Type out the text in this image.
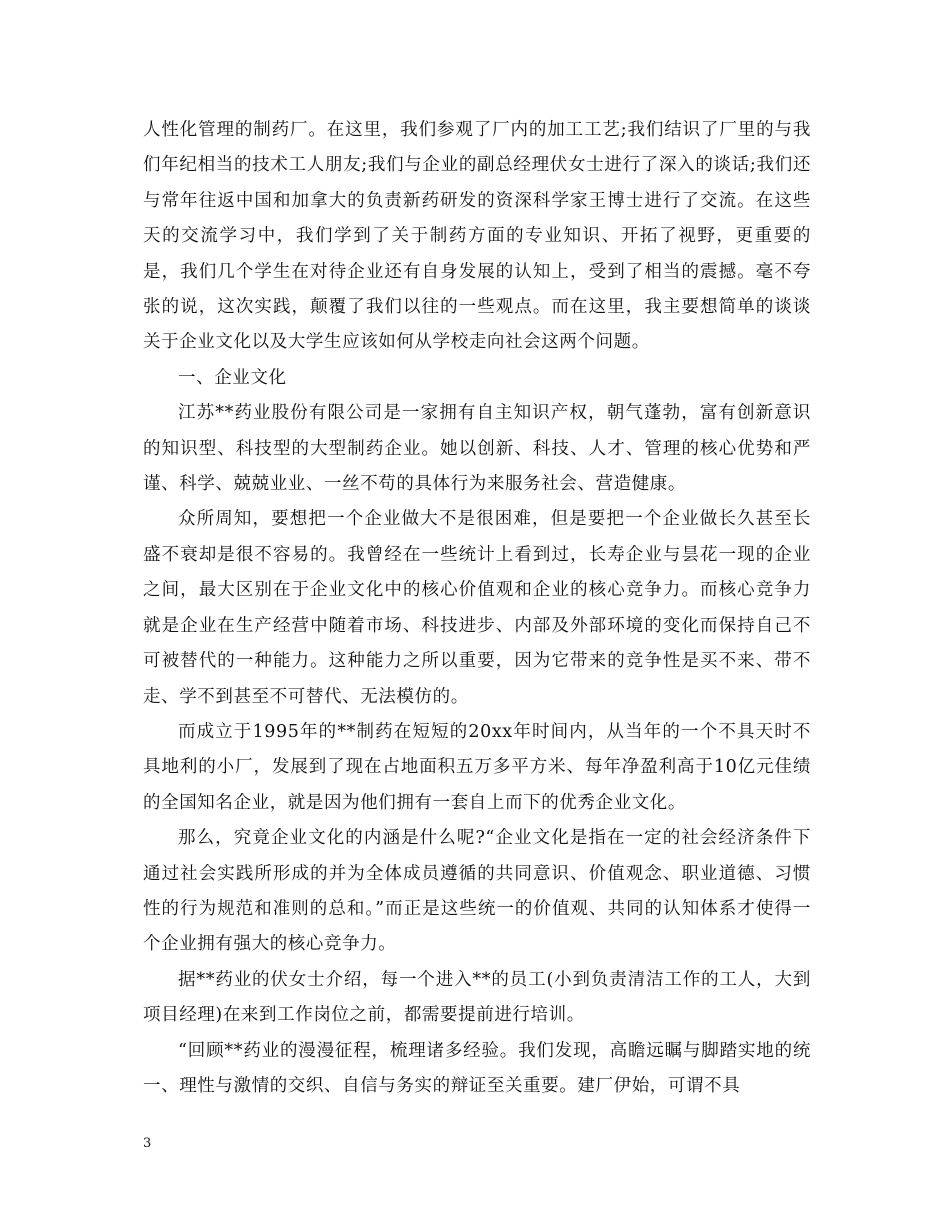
人性化管理的制药厂。在这里，我们参观了厂内的加工工艺;我们结识了厂里的与我们年纪相当的技术工人朋友;我们与企业的副总经理伏女士进行了深入的谈话;我们还与常年往返中国和加拿大的负责新药研发的资深科学家王博士进行了交流。在这些天的交流学习中，我们学到了关于制药方面的专业知识、开拓了视野，更重要的是，我们几个学生在对待企业还有自身发展的认知上，受到了相当的震撼。毫不夸张的说，这次实践，颠覆了我们以往的一些观点。而在这里，我主要想简单的谈谈关于企业文化以及大学生应该如何从学校走向社会这两个问题。

一、企业文化

江苏**药业股份有限公司是一家拥有自主知识产权，朝气蓬勃，富有创新意识的知识型、科技型的大型制药企业。她以创新、科技、人才、管理的核心优势和严谨、科学、兢兢业业、一丝不苟的具体行为来服务社会、营造健康。

众所周知，要想把一个企业做大不是很困难，但是要把一个企业做长久甚至长盛不衰却是很不容易的。我曾经在一些统计上看到过，长寿企业与昙花一现的企业之间，最大区别在于企业文化中的核心价值观和企业的核心竞争力。而核心竞争力就是企业在生产经营中随着市场、科技进步、内部及外部环境的变化而保持自己不可被替代的一种能力。这种能力之所以重要，因为它带来的竞争性是买不来、带不走、学不到甚至不可替代、无法模仿的。

而成立于1995年的**制药在短短的20xx年时间内，从当年的一个不具天时不具地利的小厂，发展到了现在占地面积五万多平方米、每年净盈利高于10亿元佳绩的全国知名企业，就是因为他们拥有一套自上而下的优秀企业文化。

那么，究竟企业文化的内涵是什么呢?“企业文化是指在一定的社会经济条件下通过社会实践所形成的并为全体成员遵循的共同意识、价值观念、职业道德、习惯性的行为规范和准则的总和。”而正是这些统一的价值观、共同的认知体系才使得一个企业拥有强大的核心竞争力。

据**药业的伏女士介绍，每一个进入**的员工(小到负责清洁工作的工人，大到项目经理)在来到工作岗位之前，都需要提前进行培训。

“回顾**药业的漫漫征程，梳理诸多经验。我们发现，高瞻远瞩与脚踏实地的统一、理性与激情的交织、自信与务实的辩证至关重要。建厂伊始，可谓不具

3
